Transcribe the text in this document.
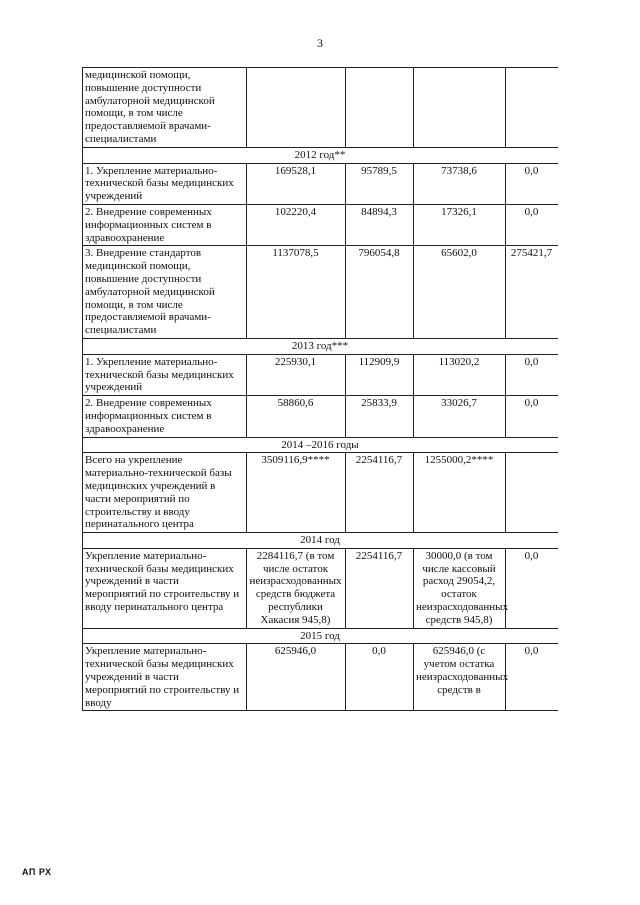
3
медицинской помощи, повышение доступности амбулаторной медицинской помощи, в том числе предоставляемой врачами-специалистами				
2012 год**				
1. Укрепление материально-технической базы медицинских учреждений	169528,1	95789,5	73738,6	0,0
2. Внедрение современных информационных систем в здравоохранение	102220,4	84894,3	17326,1	0,0
3. Внедрение стандартов медицинской помощи, повышение доступности амбулаторной медицинской помощи, в том числе предоставляемой врачами-специалистами	1137078,5	796054,8	65602,0	275421,7
2013 год***				
1. Укрепление материально-технической базы медицинских учреждений	225930,1	112909,9	113020,2	0,0
2. Внедрение современных информационных систем в здравоохранение	58860,6	25833,9	33026,7	0,0
2014 –2016 годы				
Всего на укрепление материально-технической базы медицинских учреждений в части мероприятий по строительству и вводу перинатального центра	3509116,9****	2254116,7	1255000,2****	
2014 год				
Укрепление материально-технической базы медицинских учреждений в части мероприятий по строительству и вводу перинатального центра	2284116,7 (в том числе остаток неизрасходованных средств бюджета республики Хакасия 945,8)	2254116,7	30000,0 (в том числе кассовый расход 29054,2, остаток неизрасходованных средств 945,8)	0,0
2015 год				
Укрепление материально-технической базы медицинских учреждений в части мероприятий по строительству и вводу	625946,0	0,0	625946,0 (с учетом остатка неизрасходованных средств в	0,0
АП РХ
